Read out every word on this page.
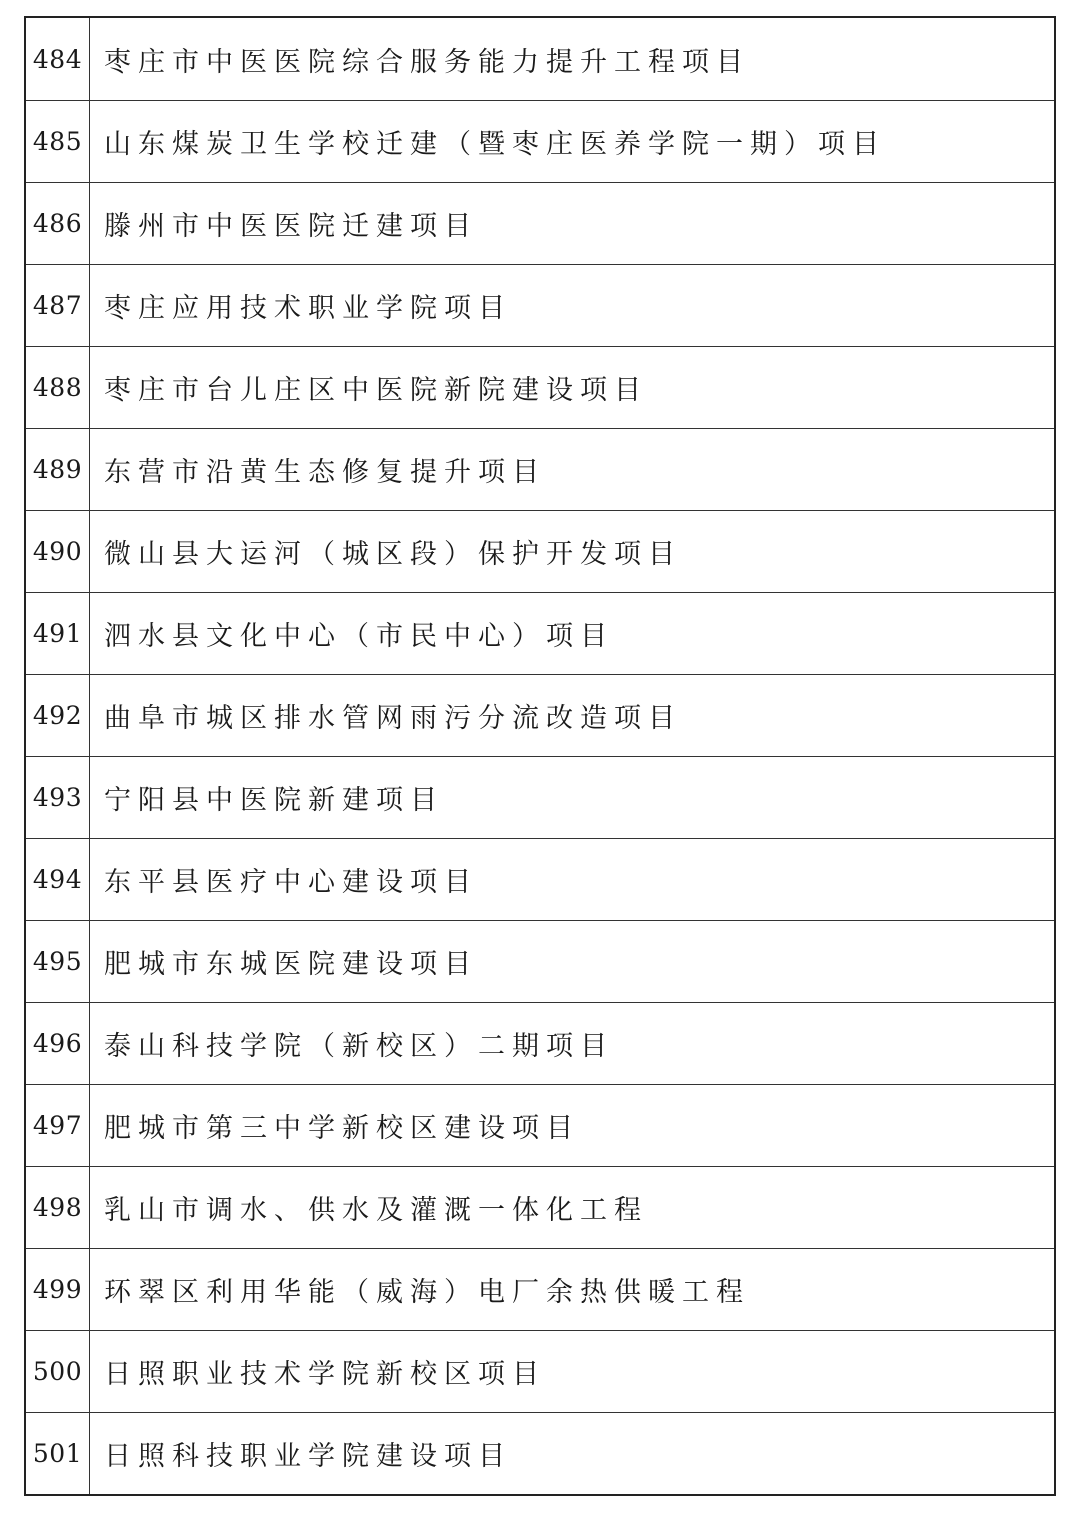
484 枣庄市中医医院综合服务能力提升工程项目
485 山东煤炭卫生学校迁建（暨枣庄医养学院一期）项目
486 滕州市中医医院迁建项目
487 枣庄应用技术职业学院项目
488 枣庄市台儿庄区中医院新院建设项目
489 东营市沿黄生态修复提升项目
490 微山县大运河（城区段）保护开发项目
491 泗水县文化中心（市民中心）项目
492 曲阜市城区排水管网雨污分流改造项目
493 宁阳县中医院新建项目
494 东平县医疗中心建设项目
495 肥城市东城医院建设项目
496 泰山科技学院（新校区）二期项目
497 肥城市第三中学新校区建设项目
498 乳山市调水、供水及灌溉一体化工程
499 环翠区利用华能（威海）电厂余热供暖工程
500 日照职业技术学院新校区项目
501 日照科技职业学院建设项目
